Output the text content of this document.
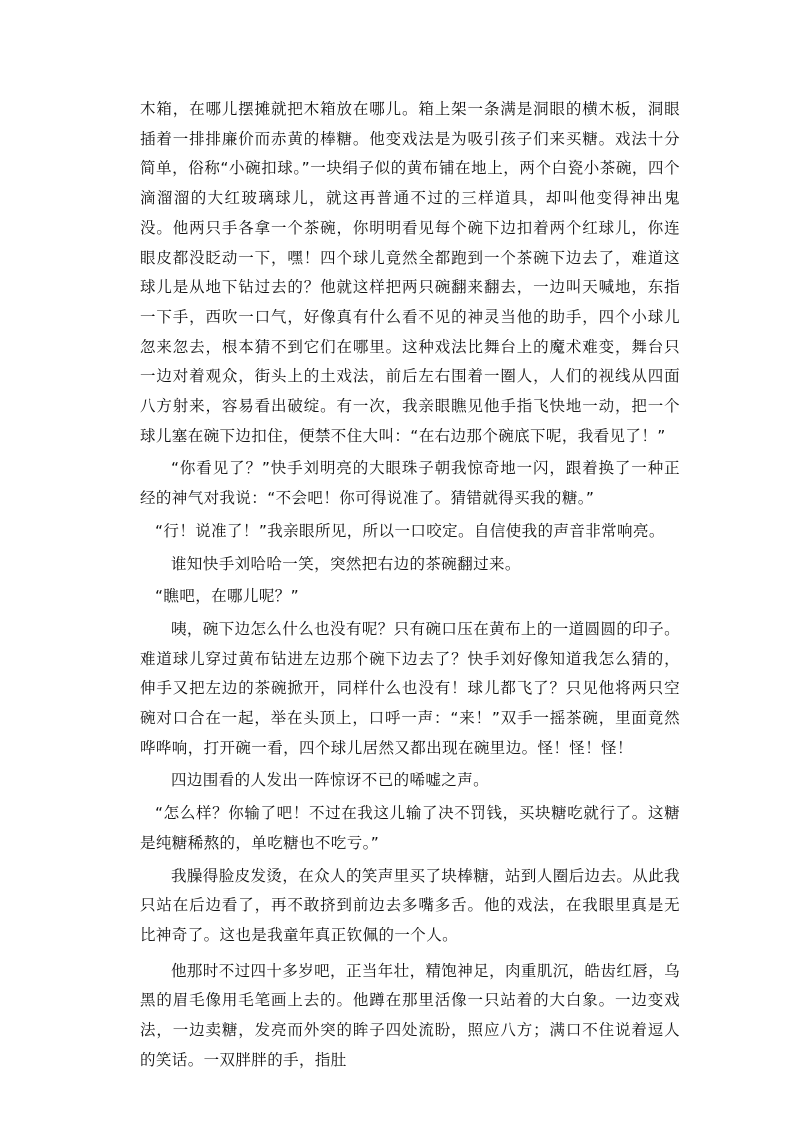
木箱，在哪儿摆摊就把木箱放在哪儿。箱上架一条满是洞眼的横木板，洞眼插着一排排廉价而赤黄的棒糖。他变戏法是为吸引孩子们来买糖。戏法十分简单，俗称“小碗扣球。”一块绢子似的黄布铺在地上，两个白瓷小茶碗，四个滴溜溜的大红玻璃球儿，就这再普通不过的三样道具，却叫他变得神出鬼没。他两只手各拿一个茶碗，你明明看见每个碗下边扣着两个红球儿，你连眼皮都没眨动一下，嘿！四个球儿竟然全都跑到一个茶碗下边去了，难道这球儿是从地下钻过去的？他就这样把两只碗翻来翻去，一边叫天喊地，东指一下手，西吹一口气，好像真有什么看不见的神灵当他的助手，四个小球儿忽来忽去，根本猜不到它们在哪里。这种戏法比舞台上的魔术难变，舞台只一边对着观众，街头上的土戏法，前后左右围着一圈人，人们的视线从四面八方射来，容易看出破绽。有一次，我亲眼瞧见他手指飞快地一动，把一个球儿塞在碗下边扣住，便禁不住大叫：“在右边那个碗底下呢，我看见了！”

“你看见了？”快手刘明亮的大眼珠子朝我惊奇地一闪，跟着换了一种正经的神气对我说：“不会吧！你可得说准了。猜错就得买我的糖。”

“行！说准了！”我亲眼所见，所以一口咬定。自信使我的声音非常响亮。

谁知快手刘哈哈一笑，突然把右边的茶碗翻过来。

“瞧吧，在哪儿呢？”

咦，碗下边怎么什么也没有呢？只有碗口压在黄布上的一道圆圆的印子。难道球儿穿过黄布钻进左边那个碗下边去了？快手刘好像知道我怎么猜的，伸手又把左边的茶碗掀开，同样什么也没有！球儿都飞了？只见他将两只空碗对口合在一起，举在头顶上，口呼一声：“来！”双手一摇茶碗，里面竟然哗哗响，打开碗一看，四个球儿居然又都出现在碗里边。怪！怪！怪！

四边围看的人发出一阵惊讶不已的唏嘘之声。

“怎么样？你输了吧！不过在我这儿输了决不罚钱，买块糖吃就行了。这糖是纯糖稀熬的，单吃糖也不吃亏。”

我臊得脸皮发烫，在众人的笑声里买了块棒糖，站到人圈后边去。从此我只站在后边看了，再不敢挤到前边去多嘴多舌。他的戏法，在我眼里真是无比神奇了。这也是我童年真正钦佩的一个人。

他那时不过四十多岁吧，正当年壮，精饱神足，肉重肌沉，皓齿红唇，乌黑的眉毛像用毛笔画上去的。他蹲在那里活像一只站着的大白象。一边变戏法，一边卖糖，发亮而外突的眸子四处流盼，照应八方；满口不住说着逗人的笑话。一双胖胖的手，指肚
